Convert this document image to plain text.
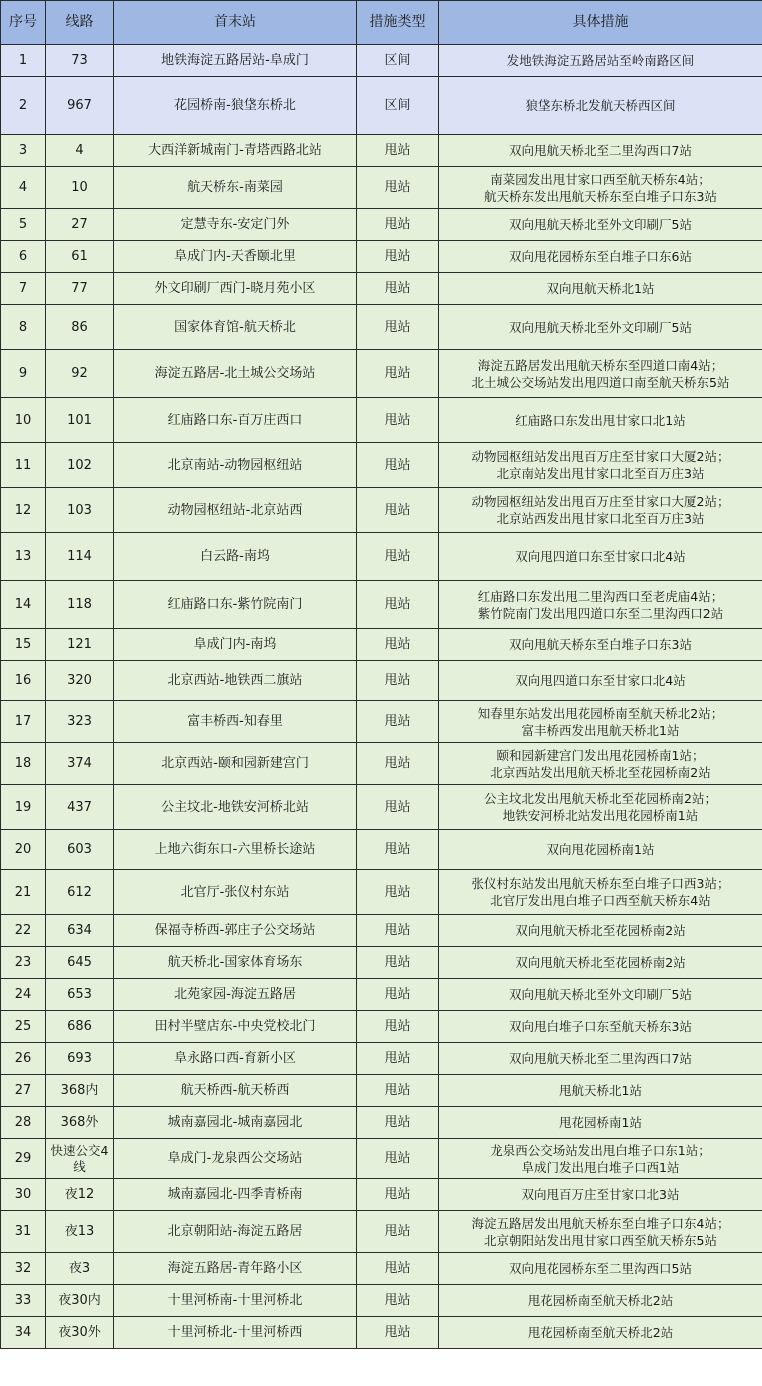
序号	线路	首末站	措施类型	具体措施
1	73	地铁海淀五路居站-阜成门	区间	发地铁海淀五路居站至岭南路区间

2	967	花园桥南-狼垡东桥北	区间	狼垡东桥北发航天桥西区间

3	4	大西洋新城南门-青塔西路北站	甩站	双向甩航天桥北至二里沟西口7站

4	10	航天桥东-南菜园	甩站	南菜园发出甩甘家口西至航天桥东4站；
航天桥东发出甩航天桥东至白堆子口东3站

5	27	定慧寺东-安定门外	甩站	双向甩航天桥北至外文印刷厂5站

6	61	阜成门内-天香颐北里	甩站	双向甩花园桥东至白堆子口东6站

7	77	外文印刷厂西门-晓月苑小区	甩站	双向甩航天桥北1站

8	86	国家体育馆-航天桥北	甩站	双向甩航天桥北至外文印刷厂5站

9	92	海淀五路居-北土城公交场站	甩站	海淀五路居发出甩航天桥东至四道口南4站；
北土城公交场站发出甩四道口南至航天桥东5站

10	101	红庙路口东-百万庄西口	甩站	红庙路口东发出甩甘家口北1站

11	102	北京南站-动物园枢纽站	甩站	动物园枢纽站发出甩百万庄至甘家口大厦2站；
北京南站发出甩甘家口北至百万庄3站

12	103	动物园枢纽站-北京站西	甩站	动物园枢纽站发出甩百万庄至甘家口大厦2站；
北京站西发出甩甘家口北至百万庄3站

13	114	白云路-南坞	甩站	双向甩四道口东至甘家口北4站

14	118	红庙路口东-紫竹院南门	甩站	红庙路口东发出甩二里沟西口至老虎庙4站；
紫竹院南门发出甩四道口东至二里沟西口2站

15	121	阜成门内-南坞	甩站	双向甩航天桥东至白堆子口东3站

16	320	北京西站-地铁西二旗站	甩站	双向甩四道口东至甘家口北4站

17	323	富丰桥西-知春里	甩站	知春里东站发出甩花园桥南至航天桥北2站；
富丰桥西发出甩航天桥北1站

18	374	北京西站-颐和园新建宫门	甩站	颐和园新建宫门发出甩花园桥南1站；
北京西站发出甩航天桥北至花园桥南2站

19	437	公主坟北-地铁安河桥北站	甩站	公主坟北发出甩航天桥北至花园桥南2站；
地铁安河桥北站发出甩花园桥南1站

20	603	上地六街东口-六里桥长途站	甩站	双向甩花园桥南1站

21	612	北官厅-张仪村东站	甩站	张仪村东站发出甩航天桥东至白堆子口西3站；
北官厅发出甩白堆子口西至航天桥东4站

22	634	保福寺桥西-郭庄子公交场站	甩站	双向甩航天桥北至花园桥南2站

23	645	航天桥北-国家体育场东	甩站	双向甩航天桥北至花园桥南2站

24	653	北苑家园-海淀五路居	甩站	双向甩航天桥北至外文印刷厂5站

25	686	田村半壁店东-中央党校北门	甩站	双向甩白堆子口东至航天桥东3站

26	693	阜永路口西-育新小区	甩站	双向甩航天桥北至二里沟西口7站

27	368内	航天桥西-航天桥西	甩站	甩航天桥北1站

28	368外	城南嘉园北-城南嘉园北	甩站	甩花园桥南1站

29	快速公交4线	阜成门-龙泉西公交场站	甩站	龙泉西公交场站发出甩白堆子口东1站；
阜成门发出甩白堆子口西1站

30	夜12	城南嘉园北-四季青桥南	甩站	双向甩百万庄至甘家口北3站

31	夜13	北京朝阳站-海淀五路居	甩站	海淀五路居发出甩航天桥东至白堆子口东4站；
北京朝阳站发出甩甘家口西至航天桥东5站

32	夜3	海淀五路居-青年路小区	甩站	双向甩花园桥东至二里沟西口5站

33	夜30内	十里河桥南-十里河桥北	甩站	甩花园桥南至航天桥北2站

34	夜30外	十里河桥北-十里河桥西	甩站	甩花园桥南至航天桥北2站
